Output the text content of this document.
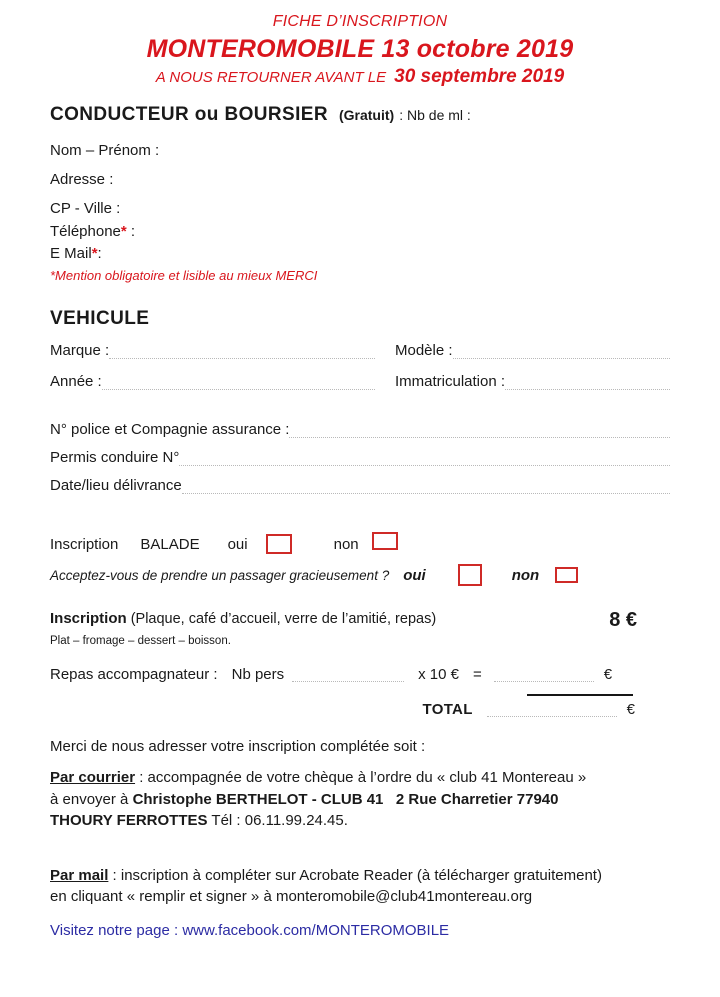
FICHE D’INSCRIPTION
MONTEROMOBILE 13 octobre 2019
A NOUS RETOURNER AVANT LE 30 septembre 2019
CONDUCTEUR ou BOURSIER (Gratuit) : Nb de ml :
Nom – Prénom :
Adresse :
CP - Ville :
Téléphone* :
E Mail*:
*Mention obligatoire et lisible au mieux MERCI
VEHICULE
Marque :	Modèle :
Année :	Immatriculation :
N° police et Compagnie assurance :
Permis conduire N°
Date/lieu délivrance
Inscription BALADE oui	non
Acceptez-vous de prendre un passager gracieusement ? oui	non
Inscription (Plaque, café d’accueil, verre de l’amitié, repas)	8 €
Plat – fromage – dessert – boisson.
Repas accompagnateur : Nb pers	x 10 € =	€
TOTAL	€
Merci de nous adresser votre inscription complétée soit :
Par courrier : accompagnée de votre chèque à l’ordre du « club 41 Montereau » à envoyer à Christophe BERTHELOT - CLUB 41   2 Rue Charretier 77940 THOURY FERROTTES Tél : 06.11.99.24.45.
Par mail : inscription à compléter sur Acrobate Reader (à télécharger gratuitement) en cliquant « remplir et signer » à monteromobile@club41montereau.org
Visitez notre page : www.facebook.com/MONTEROMOBILE
